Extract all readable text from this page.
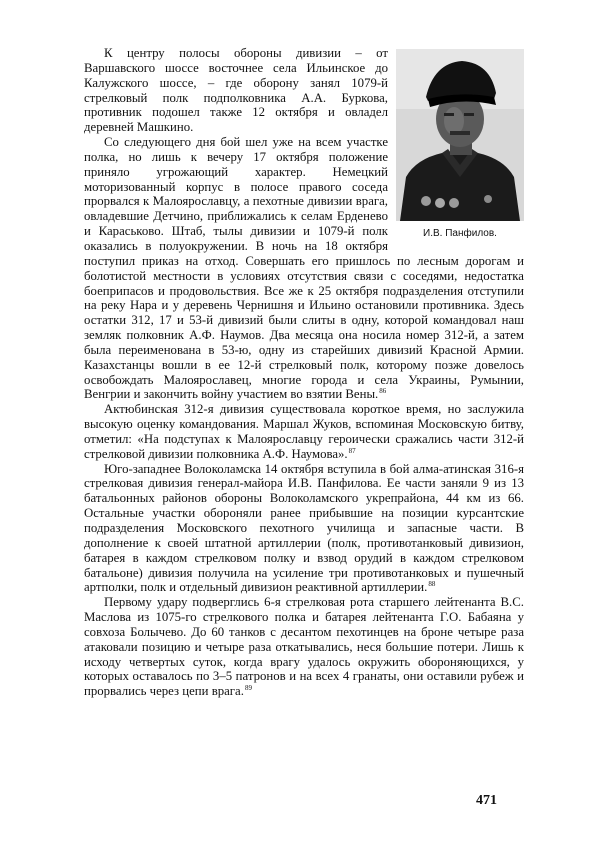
И.В. Панфилов.

К центру полосы обороны дивизии – от Варшавского шоссе восточнее села Ильинское до Калужского шоссе, – где оборону занял 1079-й стрелковый полк подполковника А.А. Буркова, противник подошел также 12 октября и овладел деревней Машкино.

Со следующего дня бой шел уже на всем участке полка, но лишь к вечеру 17 октября положение приняло угрожающий характер. Немецкий моторизованный корпус в полосе правого соседа прорвался к Малоярославцу, а пехотные дивизии врага, овладевшие Детчино, приближались к селам Ерденево и Караськово. Штаб, тылы дивизии и 1079-й полк оказались в полуокружении. В ночь на 18 октября поступил приказ на отход. Совершать его пришлось по лесным дорогам и болотистой местности в условиях отсутствия связи с соседями, недостатка боеприпасов и продовольствия. Все же к 25 октября подразделения отступили на реку Нара и у деревень Чернишня и Ильино остановили противника. Здесь остатки 312, 17 и 53-й дивизий были слиты в одну, которой командовал наш земляк полковник А.Ф. Наумов. Два месяца она носила номер 312-й, а затем была переименована в 53-ю, одну из старейших дивизий Красной Армии. Казахстанцы вошли в ее 12-й стрелковый полк, которому позже довелось освобождать Малоярославец, многие города и села Украины, Румынии, Венгрии и закончить войну участием во взятии Вены.$^{86}$

Актюбинская 312-я дивизия существовала короткое время, но заслужила высокую оценку командования. Маршал Жуков, вспоминая Московскую битву, отметил: «На подступах к Малоярославцу героически сражались части 312-й стрелковой дивизии полковника А.Ф. Наумова».$^{87}$

Юго-западнее Волоколамска 14 октября вступила в бой алма-атинская 316-я стрелковая дивизия генерал-майора И.В. Панфилова. Ее части заняли 9 из 13 батальонных районов обороны Волоколамского укрепрайона, 44 км из 66. Остальные участки обороняли ранее прибывшие на позиции курсантские подразделения Московского пехотного училища и запасные части. В дополнение к своей штатной артиллерии (полк, противотанковый дивизион, батарея в каждом стрелковом полку и взвод орудий в каждом стрелковом батальоне) дивизия получила на усиление три противотанковых и пушечный артполки, полк и отдельный дивизион реактивной артиллерии.$^{88}$

Первому удару подверглись 6-я стрелковая рота старшего лейтенанта В.С. Маслова из 1075-го стрелкового полка и батарея лейтенанта Г.О. Бабаяна у совхоза Болычево. До 60 танков с десантом пехотинцев на броне четыре раза атаковали позицию и четыре раза откатывались, неся большие потери. Лишь к исходу четвертых суток, когда врагу удалось окружить обороняющихся, у которых оставалось по 3–5 патронов и на всех 4 гранаты, они оставили рубеж и прорвались через цепи врага.$^{89}$

471
